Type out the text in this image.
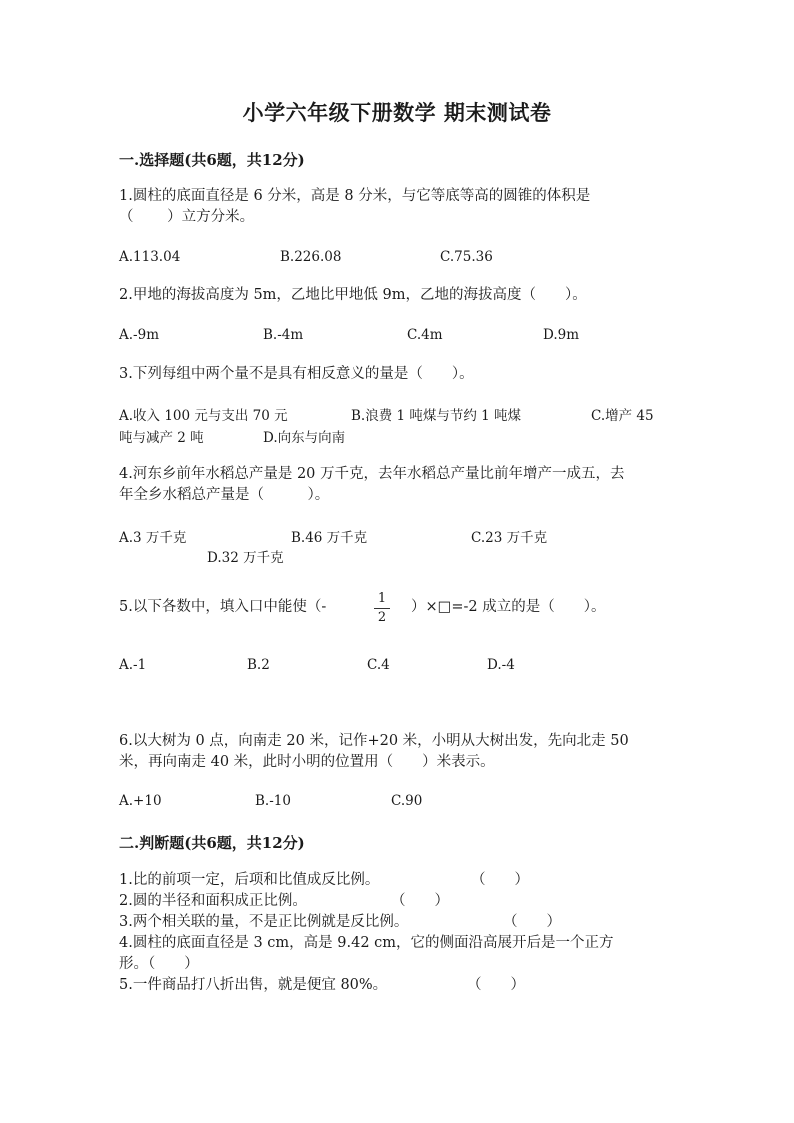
小学六年级下册数学 期末测试卷
一.选择题(共6题，共12分)
1.圆柱的底面直径是 6 分米，高是 8 分米，与它等底等高的圆锥的体积是
（　　 ）立方分米。
A.113.04	B.226.08	C.75.36
2.甲地的海拔高度为 5m，乙地比甲地低 9m，乙地的海拔高度（　　）。
A.-9m	B.-4m	C.4m	D.9m
3.下列每组中两个量不是具有相反意义的量是（　　）。
A.收入 100 元与支出 70 元	B.浪费 1 吨煤与节约 1 吨煤	C.增产 45
吨与减产 2 吨	D.向东与向南
4.河东乡前年水稻总产量是 20 万千克，去年水稻总产量比前年增产一成五，去
年全乡水稻总产量是（　　　）。
A.3 万千克	B.46 万千克	C.23 万千克
D.32 万千克
5.以下各数中，填入口中能使（-
1
2
）×□=-2 成立的是（　　）。
A.-1	B.2	C.4	D.-4
6.以大树为 0 点，向南走 20 米，记作+20 米，小明从大树出发，先向北走 50
米，再向南走 40 米，此时小明的位置用（　　）米表示。
A.+10	B.-10	C.90
二.判断题(共6题，共12分)
1.比的前项一定，后项和比值成反比例。	（　　）
2.圆的半径和面积成正比例。	（　　）
3.两个相关联的量，不是正比例就是反比例。	（　　）
4.圆柱的底面直径是 3 cm，高是 9.42 cm，它的侧面沿高展开后是一个正方
形。（　　）
5.一件商品打八折出售，就是便宜 80%。	（　　）
